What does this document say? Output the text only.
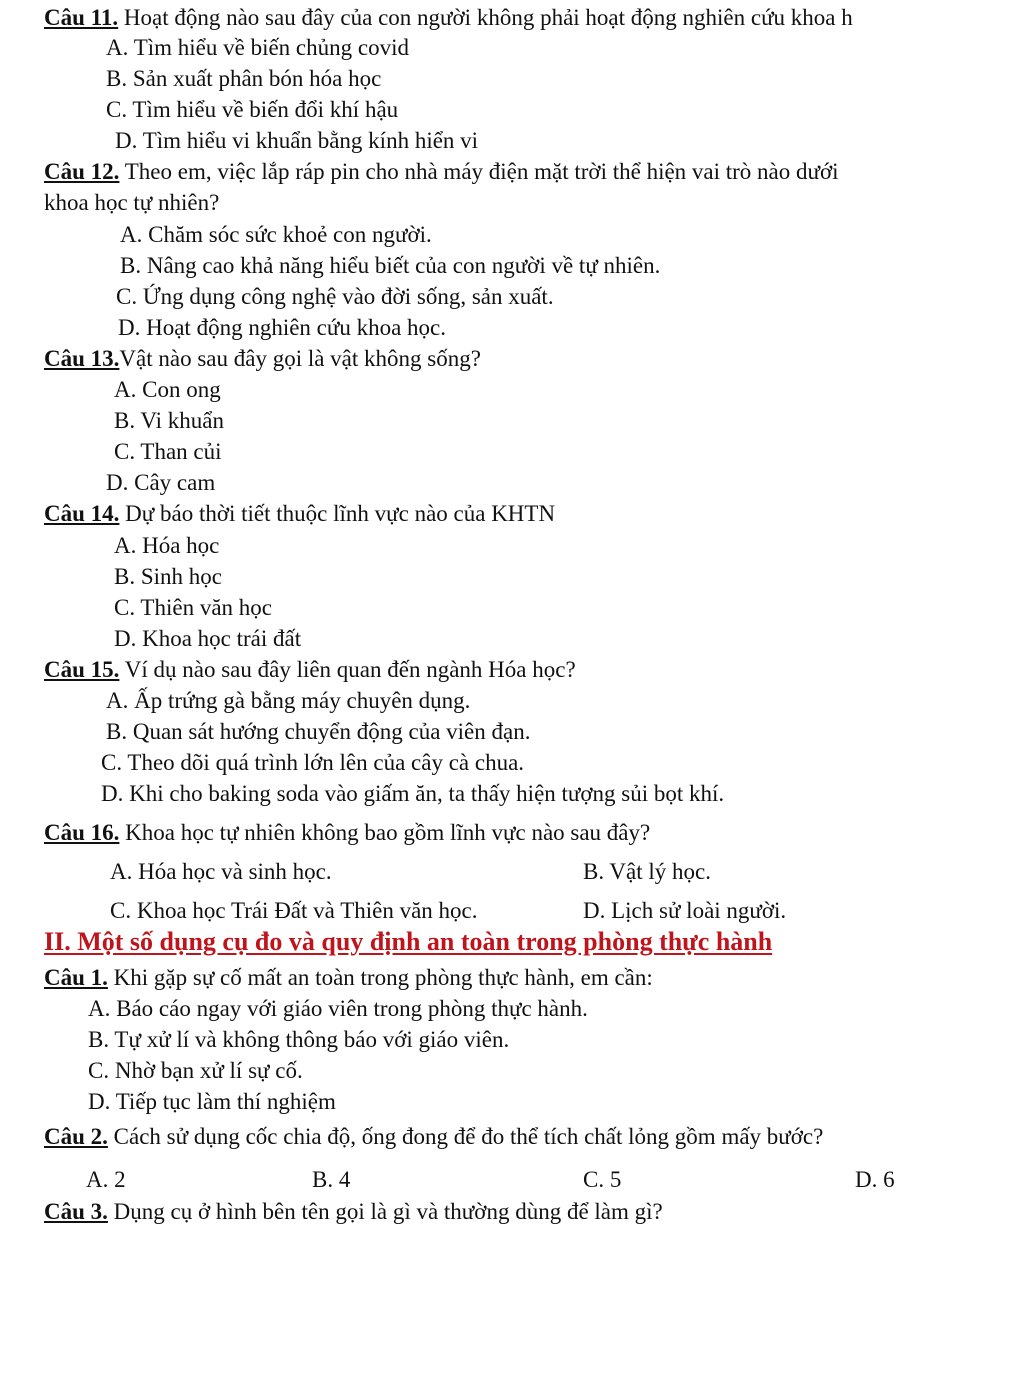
Câu 11. Hoạt động nào sau đây của con người không phải hoạt động nghiên cứu khoa h
A. Tìm hiểu về biến chủng covid
B. Sản xuất phân bón hóa học
C. Tìm hiểu về biến đổi khí hậu
D. Tìm hiểu vi khuẩn bằng kính hiển vi
Câu 12. Theo em, việc lắp ráp pin cho nhà máy điện mặt trời thể hiện vai trò nào dưới
khoa học tự nhiên?
A. Chăm sóc sức khoẻ con người.
B. Nâng cao khả năng hiểu biết của con người về tự nhiên.
C. Ứng dụng công nghệ vào đời sống, sản xuất.
D. Hoạt động nghiên cứu khoa học.
Câu 13.Vật nào sau đây gọi là vật không sống?
A. Con ong
B. Vi khuẩn
C. Than củi
D. Cây cam
Câu 14. Dự báo thời tiết thuộc lĩnh vực nào của KHTN
A. Hóa học
B. Sinh học
C. Thiên văn học
D. Khoa học trái đất
Câu 15. Ví dụ nào sau đây liên quan đến ngành Hóa học?
A. Ấp trứng gà bằng máy chuyên dụng.
B. Quan sát hướng chuyển động của viên đạn.
C. Theo dõi quá trình lớn lên của cây cà chua.
D. Khi cho baking soda vào giấm ăn, ta thấy hiện tượng sủi bọt khí.
Câu 16. Khoa học tự nhiên không bao gồm lĩnh vực nào sau đây?
A. Hóa học và sinh học.	B. Vật lý học.
C. Khoa học Trái Đất và Thiên văn học.	D. Lịch sử loài người.
II. Một số dụng cụ đo và quy định an toàn trong phòng thực hành
Câu 1. Khi gặp sự cố mất an toàn trong phòng thực hành, em cần:
A. Báo cáo ngay với giáo viên trong phòng thực hành.
B. Tự xử lí và không thông báo với giáo viên.
C. Nhờ bạn xử lí sự cố.
D. Tiếp tục làm thí nghiệm
Câu 2. Cách sử dụng cốc chia độ, ống đong để đo thể tích chất lỏng gồm mấy bước?
A. 2	B. 4	C. 5	D. 6
Câu 3. Dụng cụ ở hình bên tên gọi là gì và thường dùng để làm gì?
